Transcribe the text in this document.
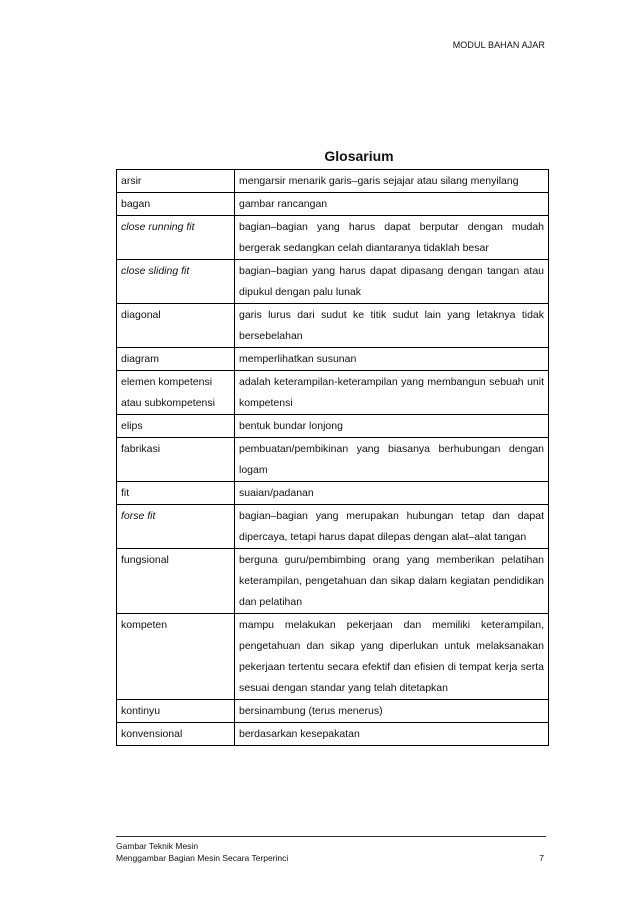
MODUL BAHAN AJAR
Glosarium
arsir	mengarsir menarik garis–garis sejajar atau silang menyilang
bagan	gambar rancangan
close running fit	bagian–bagian yang harus dapat berputar dengan mudah bergerak sedangkan celah diantaranya tidaklah besar
close sliding fit	bagian–bagian yang harus dapat dipasang dengan tangan atau dipukul dengan palu lunak
diagonal	garis lurus dari sudut ke titik sudut lain yang letaknya tidak bersebelahan
diagram	memperlihatkan susunan
elemen kompetensi atau subkompetensi	adalah keterampilan-keterampilan yang membangun sebuah unit kompetensi
elips	bentuk bundar lonjong
fabrikasi	pembuatan/pembikinan yang biasanya berhubungan dengan logam
fit	suaian/padanan
forse fit	bagian–bagian yang merupakan hubungan tetap dan dapat dipercaya, tetapi harus dapat dilepas dengan alat–alat tangan
fungsional	berguna guru/pembimbing orang yang memberikan pelatihan keterampilan, pengetahuan dan sikap dalam kegiatan pendidikan dan pelatihan
kompeten	mampu melakukan pekerjaan dan memiliki keterampilan, pengetahuan dan sikap yang diperlukan untuk melaksanakan pekerjaan tertentu secara efektif dan efisien di tempat kerja serta sesuai dengan standar yang telah ditetapkan
kontinyu	bersinambung (terus menerus)
konvensional	berdasarkan kesepakatan
Gambar Teknik Mesin
Menggambar Bagian Mesin Secara Terperinci	7
